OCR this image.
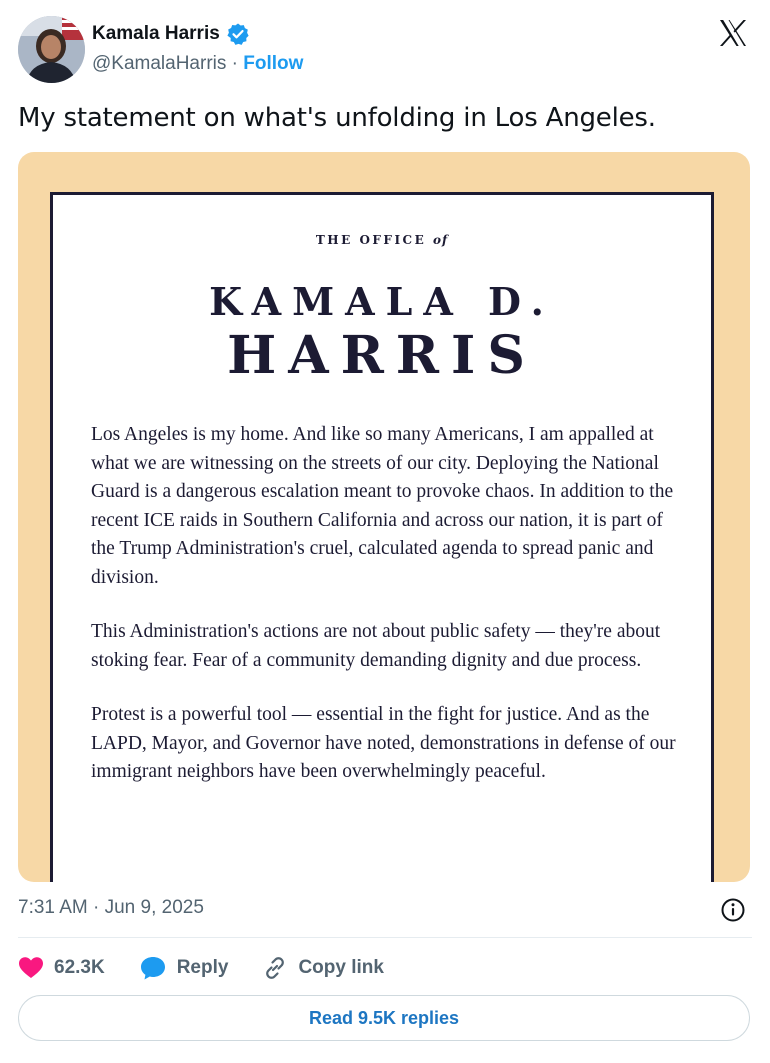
Kamala Harris
@KamalaHarris · Follow
My statement on what's unfolding in Los Angeles.
THE OFFICE of
KAMALA D.
HARRIS

Los Angeles is my home. And like so many Americans, I am appalled at what we are witnessing on the streets of our city. Deploying the National Guard is a dangerous escalation meant to provoke chaos. In addition to the recent ICE raids in Southern California and across our nation, it is part of the Trump Administration's cruel, calculated agenda to spread panic and division.

This Administration's actions are not about public safety — they're about stoking fear. Fear of a community demanding dignity and due process.

Protest is a powerful tool — essential in the fight for justice. And as the LAPD, Mayor, and Governor have noted, demonstrations in defense of our immigrant neighbors have been overwhelmingly peaceful.

7:31 AM · Jun 9, 2025
62.3K	Reply	Copy link
Read 9.5K replies
